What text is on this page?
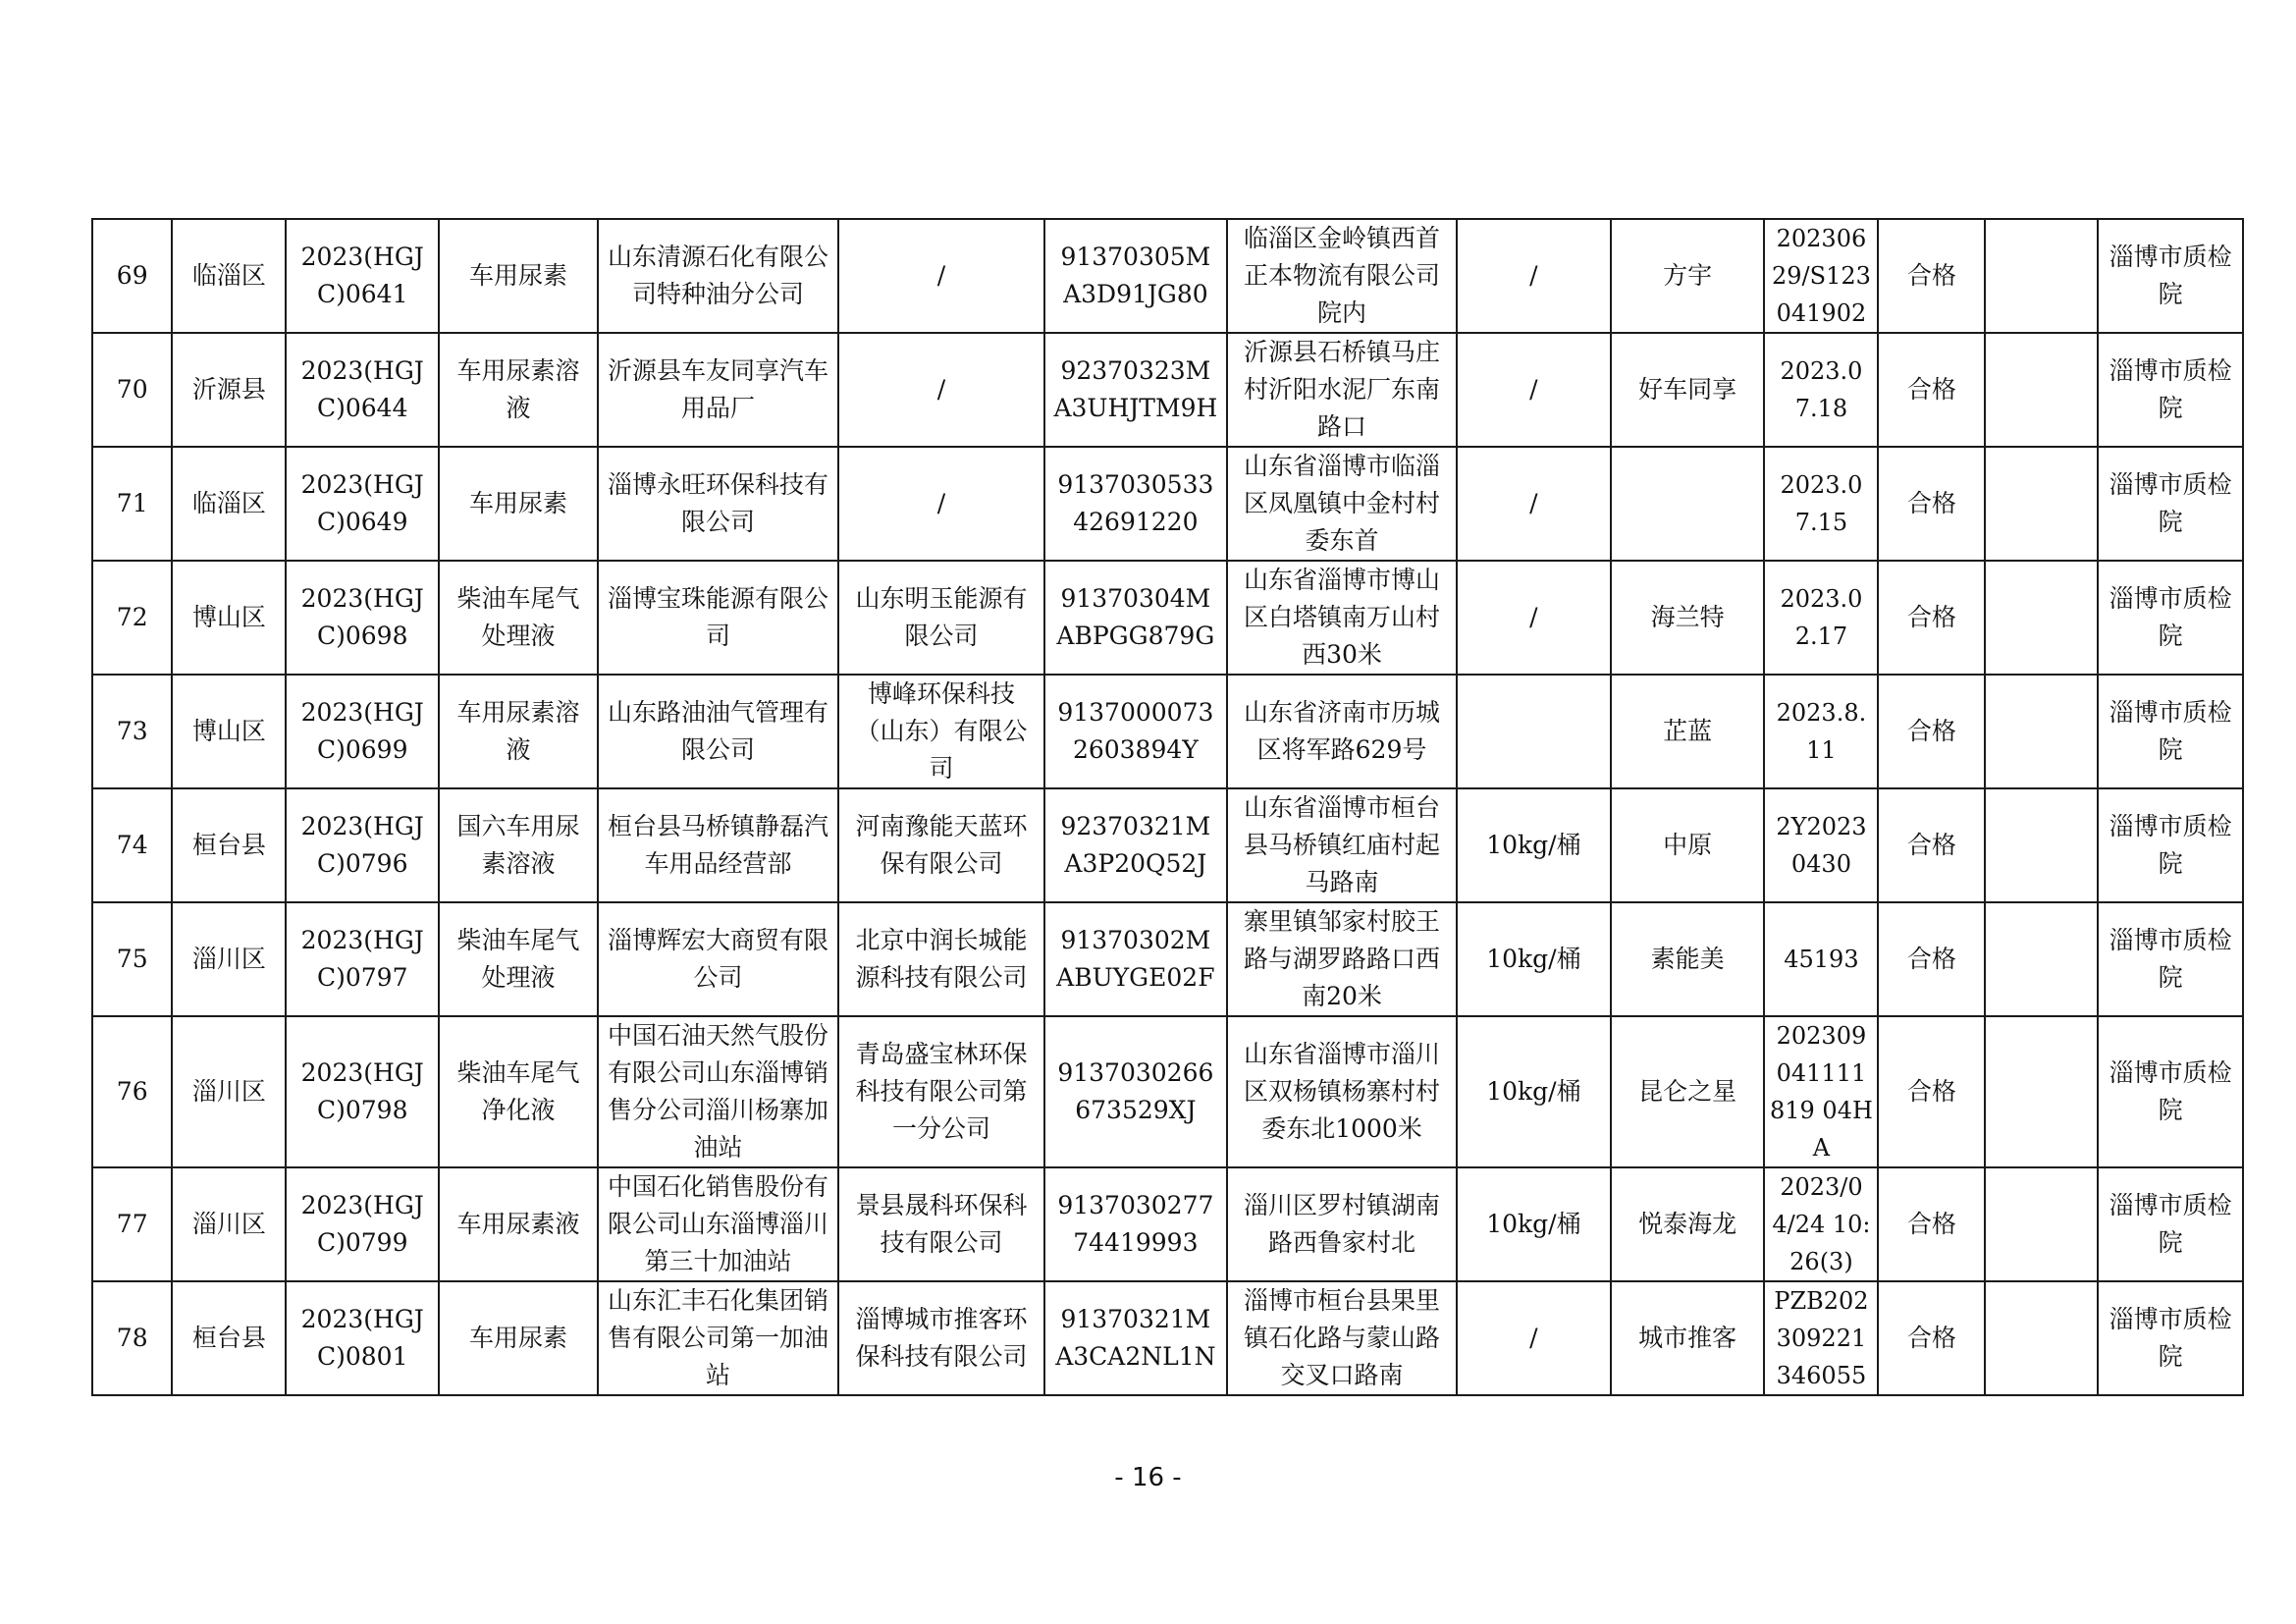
69	临淄区	2023(HGJC)0641	车用尿素	山东清源石化有限公司特种油分公司	/	91370305MA3D91JG80	临淄区金岭镇西首正本物流有限公司院内	/	方宇	20230629/S123041902	合格		淄博市质检院
70	沂源县	2023(HGJC)0644	车用尿素溶液	沂源县车友同享汽车用品厂	/	92370323MA3UHJTM9H	沂源县石桥镇马庄村沂阳水泥厂东南路口	/	好车同享	2023.07.18	合格		淄博市质检院
71	临淄区	2023(HGJC)0649	车用尿素	淄博永旺环保科技有限公司	/	913703053342691220	山东省淄博市临淄区凤凰镇中金村村委东首	/		2023.07.15	合格		淄博市质检院
72	博山区	2023(HGJC)0698	柴油车尾气处理液	淄博宝珠能源有限公司	山东明玉能源有限公司	91370304MABPGG879G	山东省淄博市博山区白塔镇南万山村西30米	/	海兰特	2023.02.17	合格		淄博市质检院
73	博山区	2023(HGJC)0699	车用尿素溶液	山东路油油气管理有限公司	博峰环保科技（山东）有限公司	91370000732603894Y	山东省济南市历城区将军路629号		芷蓝	2023.8.11	合格		淄博市质检院
74	桓台县	2023(HGJC)0796	国六车用尿素溶液	桓台县马桥镇静磊汽车用品经营部	河南豫能天蓝环保有限公司	92370321MA3P20Q52J	山东省淄博市桓台县马桥镇红庙村起马路南	10kg/桶	中原	2Y20230430	合格		淄博市质检院
75	淄川区	2023(HGJC)0797	柴油车尾气处理液	淄博辉宏大商贸有限公司	北京中润长城能源科技有限公司	91370302MABUYGE02F	寨里镇邹家村胶王路与湖罗路路口西南20米	10kg/桶	素能美	45193	合格		淄博市质检院
76	淄川区	2023(HGJC)0798	柴油车尾气净化液	中国石油天然气股份有限公司山东淄博销售分公司淄川杨寨加油站	青岛盛宝林环保科技有限公司第一分公司	9137030266673529XJ	山东省淄博市淄川区双杨镇杨寨村村委东北1000米	10kg/桶	昆仑之星	202309041111819 04HA	合格		淄博市质检院
77	淄川区	2023(HGJC)0799	车用尿素液	中国石化销售股份有限公司山东淄博淄川第三十加油站	景县晟科环保科技有限公司	913703027774419993	淄川区罗村镇湖南路西鲁家村北	10kg/桶	悦泰海龙	2023/04/24 10:26(3)	合格		淄博市质检院
78	桓台县	2023(HGJC)0801	车用尿素	山东汇丰石化集团销售有限公司第一加油站	淄博城市推客环保科技有限公司	91370321MA3CA2NL1N	淄博市桓台县果里镇石化路与蒙山路交叉口路南	/	城市推客	PZB202309221346055	合格		淄博市质检院
- 16 -
